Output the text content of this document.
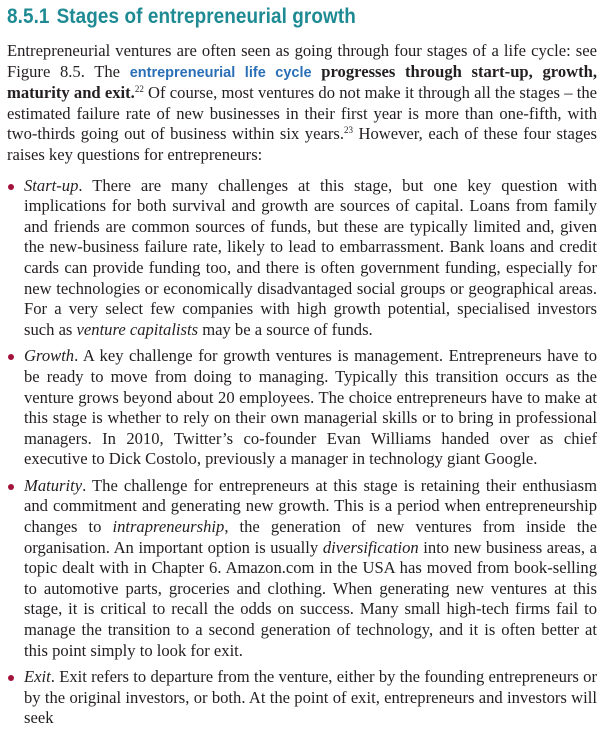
8.5.1 Stages of entrepreneurial growth

Entrepreneurial ventures are often seen as going through four stages of a life cycle: see Figure 8.5. The entrepreneurial life cycle progresses through start-up, growth, maturity and exit.$^{22}$ Of course, most ventures do not make it through all the stages – the estimated failure rate of new businesses in their first year is more than one-fifth, with two-thirds going out of business within six years.$^{23}$ However, each of these four stages raises key questions for entrepreneurs:

Start-up. There are many challenges at this stage, but one key question with implications for both survival and growth are sources of capital. Loans from family and friends are common sources of funds, but these are typically limited and, given the new-business failure rate, likely to lead to embarrassment. Bank loans and credit cards can provide funding too, and there is often government funding, especially for new technologies or economically disadvantaged social groups or geographical areas. For a very select few companies with high growth potential, specialised investors such as venture capitalists may be a source of funds.
Growth. A key challenge for growth ventures is management. Entrepreneurs have to be ready to move from doing to managing. Typically this transition occurs as the venture grows beyond about 20 employees. The choice entrepreneurs have to make at this stage is whether to rely on their own managerial skills or to bring in professional managers. In 2010, Twitter’s co-founder Evan Williams handed over as chief executive to Dick Costolo, previously a manager in technology giant Google.
Maturity. The challenge for entrepreneurs at this stage is retaining their enthusiasm and commitment and generating new growth. This is a period when entrepreneurship changes to intrapreneurship, the generation of new ventures from inside the organisation. An important option is usually diversification into new business areas, a topic dealt with in Chapter 6. Amazon.com in the USA has moved from book-selling to automotive parts, groceries and clothing. When generating new ventures at this stage, it is critical to recall the odds on success. Many small high-tech firms fail to manage the transition to a second generation of technology, and it is often better at this point simply to look for exit.
Exit. Exit refers to departure from the venture, either by the founding entrepreneurs or by the original investors, or both. At the point of exit, entrepreneurs and investors will seek
